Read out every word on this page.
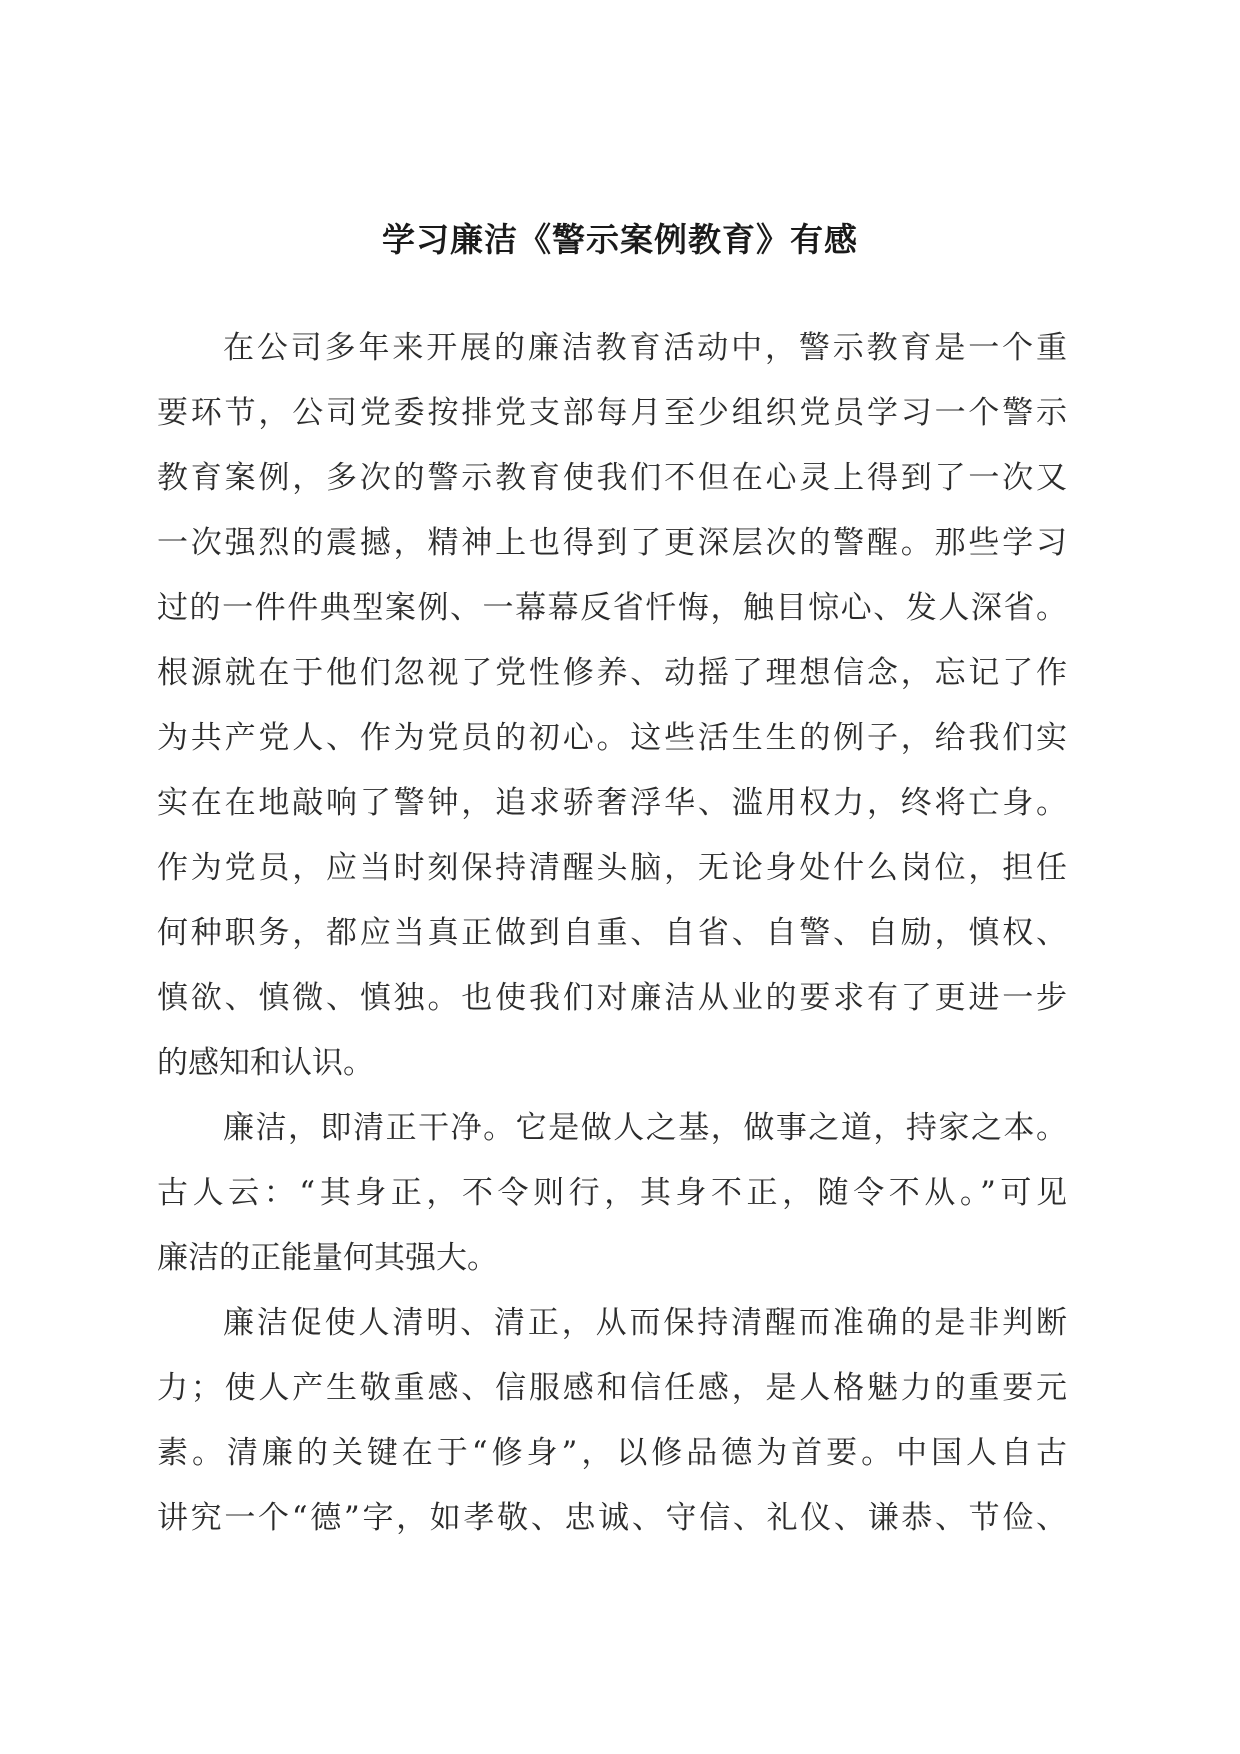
学习廉洁《警示案例教育》有感
在公司多年来开展的廉洁教育活动中，警示教育是一个重
要环节，公司党委按排党支部每月至少组织党员学习一个警示
教育案例，多次的警示教育使我们不但在心灵上得到了一次又
一次强烈的震撼，精神上也得到了更深层次的警醒。那些学习
过的一件件典型案例、一幕幕反省忏悔，触目惊心、发人深省。
根源就在于他们忽视了党性修养、动摇了理想信念，忘记了作
为共产党人、作为党员的初心。这些活生生的例子，给我们实
实在在地敲响了警钟，追求骄奢浮华、滥用权力，终将亡身。
作为党员，应当时刻保持清醒头脑，无论身处什么岗位，担任
何种职务，都应当真正做到自重、自省、自警、自励，慎权、
慎欲、慎微、慎独。也使我们对廉洁从业的要求有了更进一步
的感知和认识。
廉洁，即清正干净。它是做人之基，做事之道，持家之本。
古人云：“其身正，不令则行，其身不正，随令不从。”可见
廉洁的正能量何其强大。
廉洁促使人清明、清正，从而保持清醒而准确的是非判断
力；使人产生敬重感、信服感和信任感，是人格魅力的重要元
素。清廉的关键在于“修身”，以修品德为首要。中国人自古
讲究一个“德”字，如孝敬、忠诚、守信、礼仪、谦恭、节俭、
